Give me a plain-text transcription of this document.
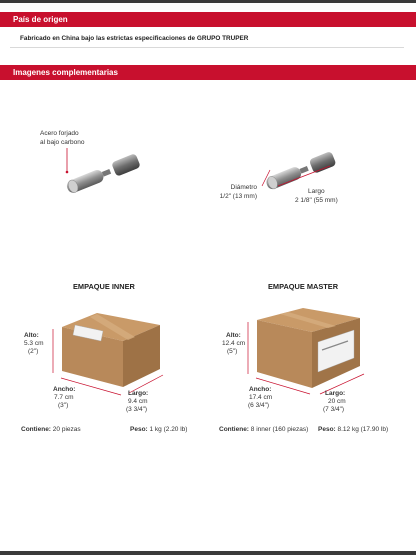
País de origen
Fabricado en China bajo las estrictas especificaciones de GRUPO TRUPER
Imagenes complementarias
Acero forjado
al bajo carbono
Diámetro
1/2" (13 mm)
Largo
2 1/8" (55 mm)
EMPAQUE INNER
Alto:
5.3 cm
(2")
Ancho:
7.7 cm
(3")
Largo:
9.4 cm
(3 3/4")
Contiene: 20 piezas	Peso: 1 kg (2.20 lb)
EMPAQUE MASTER
Alto:
12.4 cm
(5")
Ancho:
17.4 cm
(6 3/4")
Largo:
20 cm
(7 3/4")
Contiene: 8 inner (160 piezas) Peso: 8.12 kg (17.90 lb)
